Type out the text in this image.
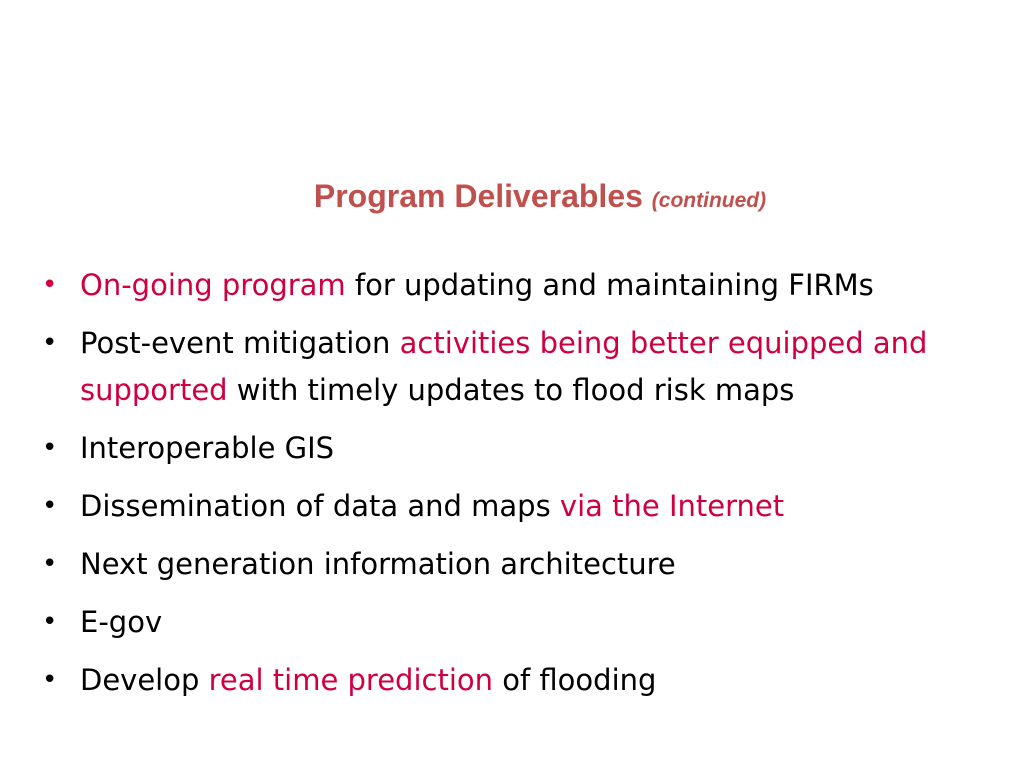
Program Deliverables (continued)
• On-going program for updating and maintaining FIRMs
• Post-event mitigation activities being better equipped and supported with timely updates to flood risk maps
• Interoperable GIS
• Dissemination of data and maps via the Internet
• Next generation information architecture
• E-gov
• Develop real time prediction of flooding
